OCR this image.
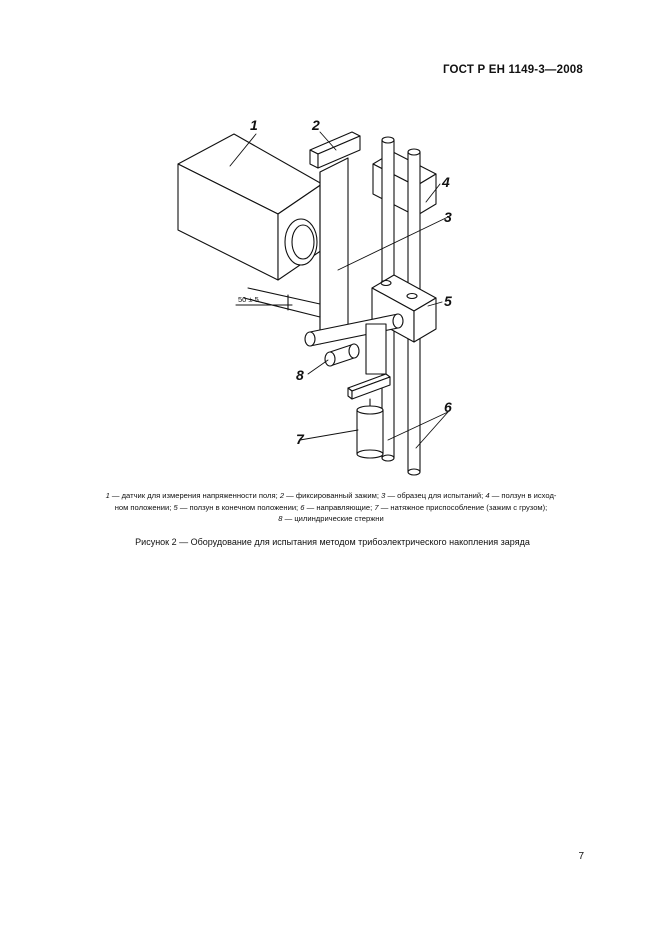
ГОСТ Р ЕН 1149-3—2008
50 ± 5
1	2
3
4
5
6
7
8
1 — датчик для измерения напряженности поля; 2 — фиксированный зажим; 3 — образец для испытаний; 4 — ползун в исход-
ном положении; 5 — ползун в конечном положении; 6 — направляющие; 7 — натяжное приспособление (зажим с грузом);
8 — цилиндрические стержни
Рисунок 2 — Оборудование для испытания методом трибоэлектрического накопления заряда
7
